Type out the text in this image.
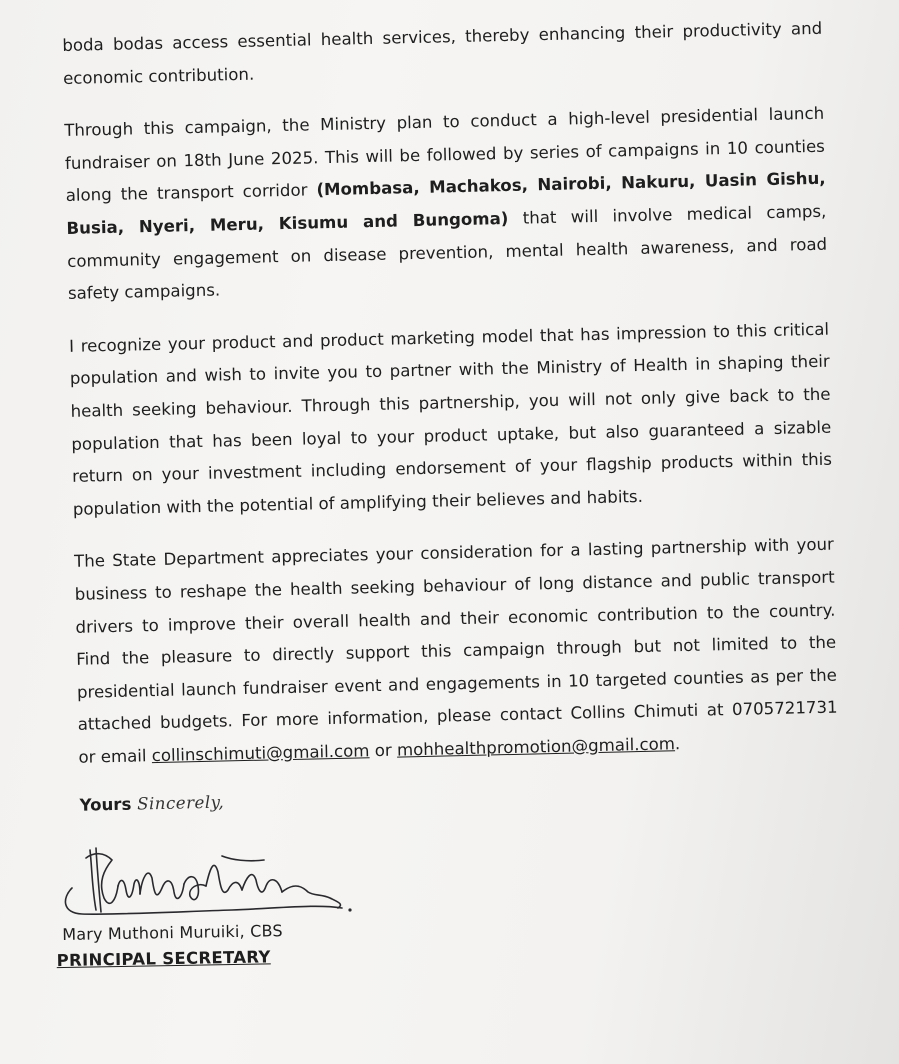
boda bodas access essential health services, thereby enhancing their productivity and
economic contribution.
Through this campaign, the Ministry plan to conduct a high-level presidential launch
fundraiser on 18th June 2025. This will be followed by series of campaigns in 10 counties
along the transport corridor (Mombasa, Machakos, Nairobi, Nakuru, Uasin Gishu,
Busia, Nyeri, Meru, Kisumu and Bungoma) that will involve medical camps,
community engagement on disease prevention, mental health awareness, and road
safety campaigns.
I recognize your product and product marketing model that has impression to this critical
population and wish to invite you to partner with the Ministry of Health in shaping their
health seeking behaviour. Through this partnership, you will not only give back to the
population that has been loyal to your product uptake, but also guaranteed a sizable
return on your investment including endorsement of your flagship products within this
population with the potential of amplifying their believes and habits.
The State Department appreciates your consideration for a lasting partnership with your
business to reshape the health seeking behaviour of long distance and public transport
drivers to improve their overall health and their economic contribution to the country.
Find the pleasure to directly support this campaign through but not limited to the
presidential launch fundraiser event and engagements in 10 targeted counties as per the
attached budgets. For more information, please contact Collins Chimuti at 0705721731
or email collinschimuti@gmail.com or mohhealthpromotion@gmail.com.
Yours Sincerely,
Mary Muthoni Muruiki, CBS
PRINCIPAL SECRETARY
